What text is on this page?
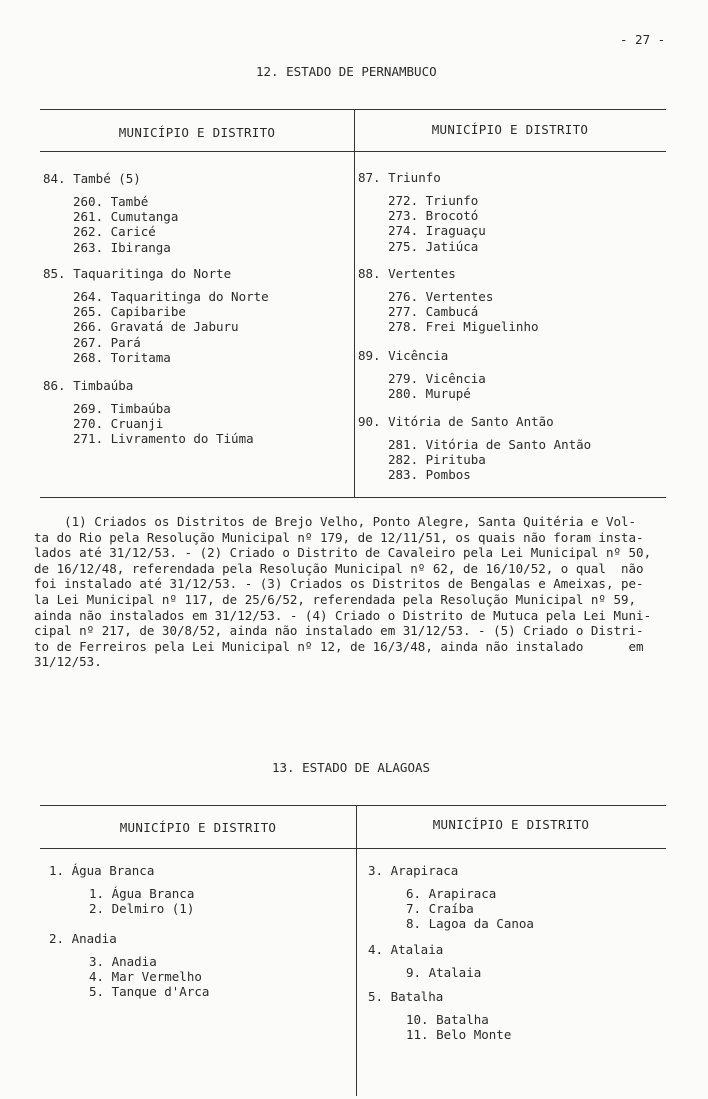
- 27 -
12. ESTADO DE PERNAMBUCO
MUNICÍPIO E DISTRITO	MUNICÍPIO E DISTRITO
84. També (5)
260. També
261. Cumutanga
262. Caricé
263. Ibiranga
85. Taquaritinga do Norte
264. Taquaritinga do Norte
265. Capibaribe
266. Gravatá de Jaburu
267. Pará
268. Toritama
86. Timbaúba
269. Timbaúba
270. Cruanji
271. Livramento do Tiúma
87. Triunfo
272. Triunfo
273. Brocotó
274. Iraguaçu
275. Jatiúca
88. Vertentes
276. Vertentes
277. Cambucá
278. Frei Miguelinho
89. Vicência
279. Vicência
280. Murupé
90. Vitória de Santo Antão
281. Vitória de Santo Antão
282. Pirituba
283. Pombos
(1) Criados os Distritos de Brejo Velho, Ponto Alegre, Santa Quitéria e Vol-
ta do Rio pela Resolução Municipal nº 179, de 12/11/51, os quais não foram insta-
lados até 31/12/53. - (2) Criado o Distrito de Cavaleiro pela Lei Municipal nº 50,
de 16/12/48, referendada pela Resolução Municipal nº 62, de 16/10/52, o qual  não
foi instalado até 31/12/53. - (3) Criados os Distritos de Bengalas e Ameixas, pe-
la Lei Municipal nº 117, de 25/6/52, referendada pela Resolução Municipal nº 59,
ainda não instalados em 31/12/53. - (4) Criado o Distrito de Mutuca pela Lei Muni-
cipal nº 217, de 30/8/52, ainda não instalado em 31/12/53. - (5) Criado o Distri-
to de Ferreiros pela Lei Municipal nº 12, de 16/3/48, ainda não instalado      em
31/12/53.
13. ESTADO DE ALAGOAS
MUNICÍPIO E DISTRITO	MUNICÍPIO E DISTRITO
1. Água Branca
1. Água Branca
2. Delmiro (1)
2. Anadia
3. Anadia
4. Mar Vermelho
5. Tanque d'Arca
3. Arapiraca
6. Arapiraca
7. Craíba
8. Lagoa da Canoa
4. Atalaia
9. Atalaia
5. Batalha
10. Batalha
11. Belo Monte
